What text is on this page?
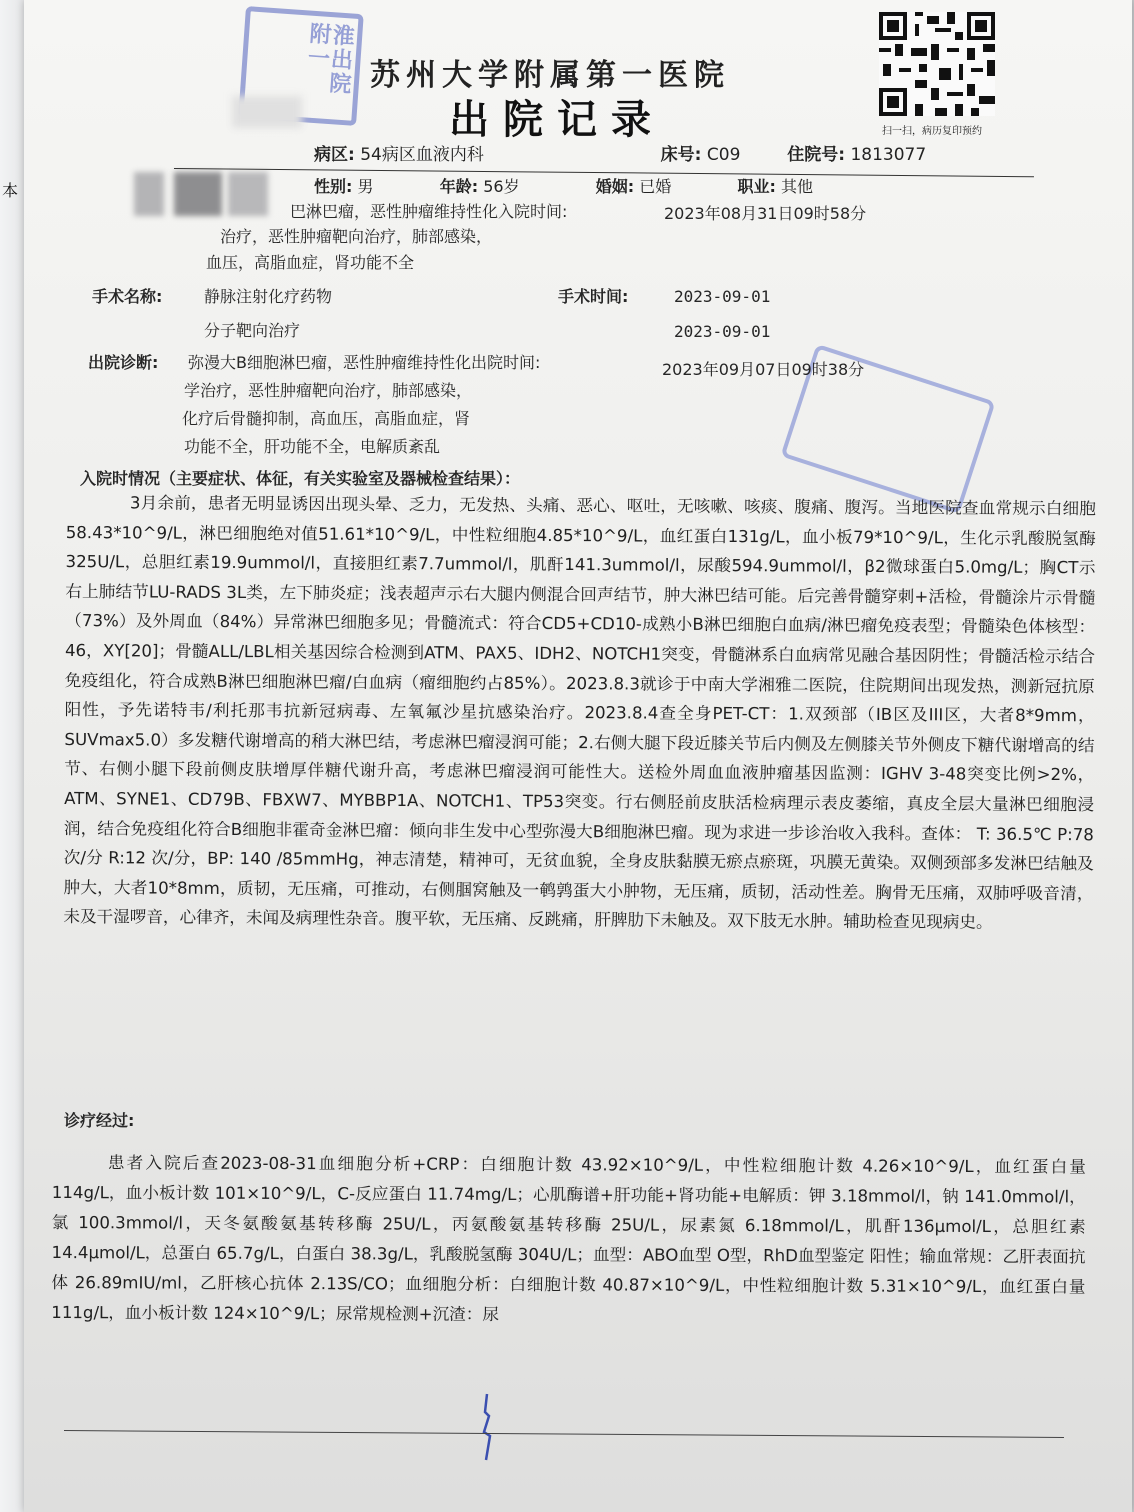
本
淮出院附一
苏州大学附属第一医院
出院记录	扫一扫，病历复印预约
病区: 54病区血液内科	床号: C09	住院号: 1813077
性别: 男	年龄: 56岁	婚姻: 已婚	职业: 其他
巴淋巴瘤，恶性肿瘤维持性化入院时间:	2023年08月31日09时58分
治疗，恶性肿瘤靶向治疗，肺部感染，
血压，高脂血症，肾功能不全
手术名称:	静脉注射化疗药物	手术时间:	2023-09-01
分子靶向治疗	2023-09-01
出院诊断: 弥漫大B细胞淋巴瘤，恶性肿瘤维持性化出院时间:	2023年09月07日09时38分
学治疗，恶性肿瘤靶向治疗，肺部感染，
化疗后骨髓抑制，高血压，高脂血症，肾
功能不全，肝功能不全，电解质紊乱
入院时情况（主要症状、体征，有关实验室及器械检查结果）：
3月余前，患者无明显诱因出现头晕、乏力，无发热、头痛、恶心、呕吐，无咳嗽、咳痰、腹痛、腹泻。当地医院查血常规示白细胞58.43*10^9/L，淋巴细胞绝对值51.61*10^9/L，中性粒细胞4.85*10^9/L，血红蛋白131g/L，血小板79*10^9/L，生化示乳酸脱氢酶325U/L，总胆红素19.9ummol/l，直接胆红素7.7ummol/l，肌酐141.3ummol/l，尿酸594.9ummol/l，β2微球蛋白5.0mg/L；胸CT示右上肺结节LU-RADS 3L类，左下肺炎症；浅表超声示右大腿内侧混合回声结节，肿大淋巴结可能。后完善骨髓穿刺+活检，骨髓涂片示骨髓（73%）及外周血（84%）异常淋巴细胞多见；骨髓流式：符合CD5+CD10-成熟小B淋巴细胞白血病/淋巴瘤免疫表型；骨髓染色体核型：46，XY[20]；骨髓ALL/LBL相关基因综合检测到ATM、PAX5、IDH2、NOTCH1突变，骨髓淋系白血病常见融合基因阴性；骨髓活检示结合免疫组化，符合成熟B淋巴细胞淋巴瘤/白血病（瘤细胞约占85%）。2023.8.3就诊于中南大学湘雅二医院，住院期间出现发热，测新冠抗原阳性，予先诺特韦/利托那韦抗新冠病毒、左氧氟沙星抗感染治疗。2023.8.4查全身PET-CT：1.双颈部（IB区及III区，大者8*9mm，SUVmax5.0）多发糖代谢增高的稍大淋巴结，考虑淋巴瘤浸润可能；2.右侧大腿下段近膝关节后内侧及左侧膝关节外侧皮下糖代谢增高的结节、右侧小腿下段前侧皮肤增厚伴糖代谢升高，考虑淋巴瘤浸润可能性大。送检外周血血液肿瘤基因监测：IGHV 3-48突变比例>2%，ATM、SYNE1、CD79B、FBXW7、MYBBP1A、NOTCH1、TP53突变。行右侧胫前皮肤活检病理示表皮萎缩，真皮全层大量淋巴细胞浸润，结合免疫组化符合B细胞非霍奇金淋巴瘤：倾向非生发中心型弥漫大B细胞淋巴瘤。现为求进一步诊治收入我科。查体： T: 36.5℃ P:78 次/分 R:12 次/分，BP: 140 /85mmHg，神志清楚，精神可，无贫血貌，全身皮肤黏膜无瘀点瘀斑，巩膜无黄染。双侧颈部多发淋巴结触及肿大，大者10*8mm，质韧，无压痛，可推动，右侧腘窝触及一鹌鹑蛋大小肿物，无压痛，质韧，活动性差。胸骨无压痛，双肺呼吸音清，未及干湿啰音，心律齐，未闻及病理性杂音。腹平软，无压痛、反跳痛，肝脾肋下未触及。双下肢无水肿。辅助检查见现病史。
诊疗经过:
患者入院后查2023-08-31血细胞分析+CRP：白细胞计数 43.92×10^9/L，中性粒细胞计数 4.26×10^9/L，血红蛋白量 114g/L，血小板计数 101×10^9/L，C-反应蛋白 11.74mg/L；心肌酶谱+肝功能+肾功能+电解质：钾 3.18mmol/l，钠 141.0mmol/l，氯 100.3mmol/l，天冬氨酸氨基转移酶 25U/L，丙氨酸氨基转移酶 25U/L，尿素氮 6.18mmol/L，肌酐136μmol/L，总胆红素 14.4μmol/L，总蛋白 65.7g/L，白蛋白 38.3g/L，乳酸脱氢酶 304U/L；血型：ABO血型 O型，RhD血型鉴定 阳性；输血常规：乙肝表面抗体 26.89mIU/ml，乙肝核心抗体 2.13S/CO；血细胞分析：白细胞计数 40.87×10^9/L，中性粒细胞计数 5.31×10^9/L，血红蛋白量 111g/L，血小板计数 124×10^9/L；尿常规检测+沉渣：尿
